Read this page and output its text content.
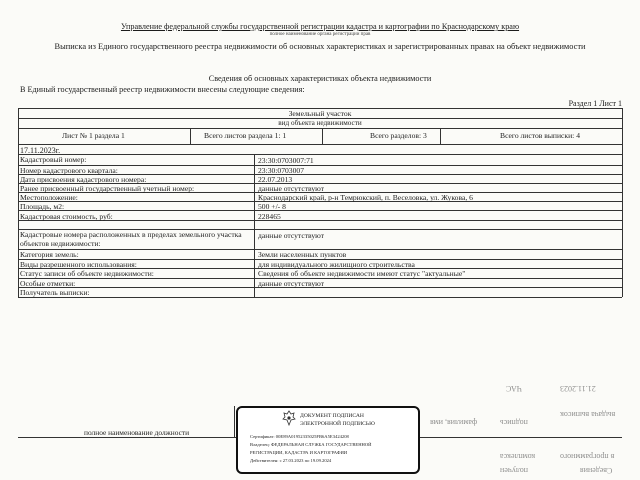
Управление федеральной службы государственной регистрации кадастра и картографии по Краснодарскому краю
полное наименование органа регистрации прав
Выписка из Единого государственного реестра недвижимости об основных характеристиках и зарегистрированных правах на объект недвижимости
Сведения об основных характеристиках объекта недвижимости
В Единый государственный реестр недвижимости внесены следующие сведения:
Раздел 1 Лист 1
Земельный участок
вид объекта недвижимости
Лист № 1 раздела 1	Всего листов раздела 1: 1	Всего разделов: 3	Всего листов выписки: 4
17.11.2023г.
Кадастровый номер:	23:30:0703007:71
Номер кадастрового квартала:	23:30:0703007
Дата присвоения кадастрового номера:	22.07.2013
Ранее присвоенный государственный учетный номер:	данные отсутствуют
Местоположение:	Краснодарский край, р-н Темрюкский, п. Веселовка, ул. Жукова, 6
Площадь, м2:	500 +/- 8
Кадастровая стоимость, руб:	228465
Кадастровые номера расположенных в пределах земельного участка объектов недвижимости:
данные отсутствуют
Категория земель:	Земли населенных пунктов
Виды разрешенного использования:	для индивидуального жилищного строительства
Статус записи об объекте недвижимости:	Сведения об объекте недвижимости имеют статус "актуальные"
Особые отметки:	данные отсутствуют
Получатель выписки:
полное наименование должности
ДОКУМЕНТ ПОДПИСАН
ЭЛЕКТРОННОЙ ПОДПИСЬЮ
Сертификат: 00E89A01952335025FB6A5E3424208
Владелец: ФЕДЕРАЛЬНАЯ СЛУЖБА ГОСУДАРСТВЕННОЙ
РЕГИСТРАЦИИ, КАДАСТРА И КАРТОГРАФИИ
Действителен: с 27.03.2023 по 19.09.2024
21.11.2023
ЧАС
Сведения
получен
в программного
комплекса
выдача выписок
подпись
фамилия, имя
